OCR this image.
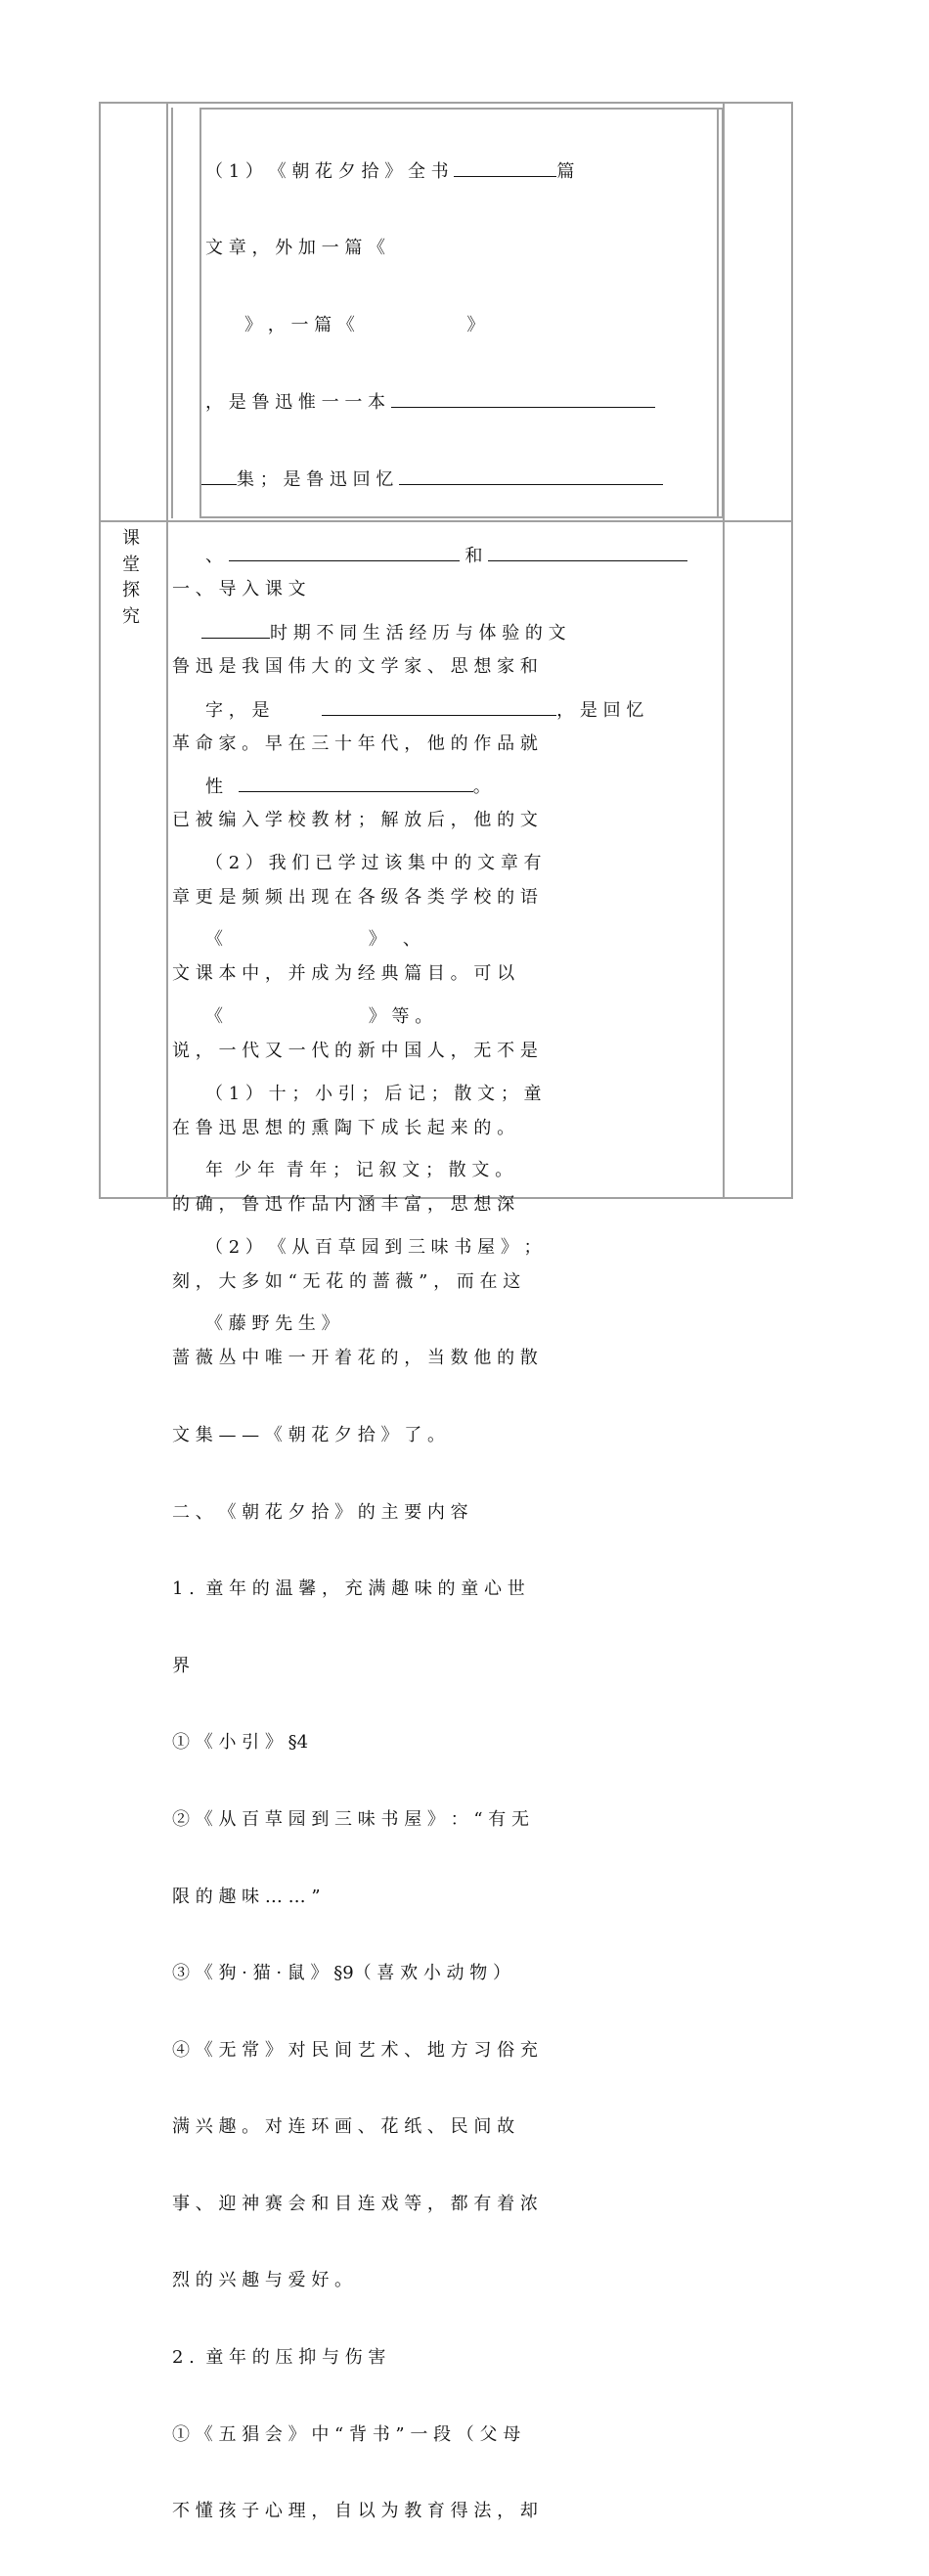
课
堂
探
究

（ 1 ） 《 朝 花 夕 拾 》 全 书	篇

文 章 ， 外 加 一 篇 《

》 ， 一 篇 《                    》

， 是 鲁 迅 惟 一 一 本

集 ； 是 鲁 迅 回 忆

、	和

时 期 不 同 生 活 经 历 与 体 验 的 文

字 ， 是	， 是 回 忆

性	。

（ 2 ） 我 们 已 学 过 该 集 中 的 文 章 有

《                          》   、

《                          》 等 。

（ 1 ） 十 ； 小 引 ； 后 记 ； 散 文 ； 童

年  少 年  青 年 ； 记 叙 文 ； 散 文 。

（ 2 ） 《 从 百 草 园 到 三 味 书 屋 》 ；

《 藤 野 先 生 》

一 、 导 入 课 文

鲁 迅 是 我 国 伟 大 的 文 学 家 、 思 想 家 和

革 命 家 。 早 在 三 十 年 代 ， 他 的 作 品 就

已 被 编 入 学 校 教 材 ； 解 放 后 ， 他 的 文

章 更 是 频 频 出 现 在 各 级 各 类 学 校 的 语

文 课 本 中 ， 并 成 为 经 典 篇 目 。 可 以

说 ， 一 代 又 一 代 的 新 中 国 人 ， 无 不 是

在 鲁 迅 思 想 的 熏 陶 下 成 长 起 来 的 。

的 确 ， 鲁 迅 作 品 内 涵 丰 富 ， 思 想 深

刻 ， 大 多 如 “ 无 花 的 蔷 薇 ” ， 而 在 这

蔷 薇 丛 中 唯 一 开 着 花 的 ， 当 数 他 的 散

文 集 — — 《 朝 花 夕 拾 》 了 。

二 、 《 朝 花 夕 拾 》 的 主 要 内 容

1 .  童 年 的 温 馨 ， 充 满 趣 味 的 童 心 世

界

① 《 小 引 》 §4

② 《 从 百 草 园 到 三 味 书 屋 》 ： “ 有 无

限 的 趣 味 … … ”

③ 《 狗 · 猫 · 鼠 》 §9（ 喜 欢 小 动 物 ）

④ 《 无 常 》 对 民 间 艺 术 、 地 方 习 俗 充

满 兴 趣 。 对 连 环 画 、 花 纸 、 民 间 故

事 、 迎 神 赛 会 和 目 连 戏 等 ， 都 有 着 浓

烈 的 兴 趣 与 爱 好 。

2 .  童 年 的 压 抑 与 伤 害

① 《 五 猖 会 》 中 “ 背 书 ” 一 段 （ 父 母

不 懂 孩 子 心 理 ， 自 以 为 教 育 得 法 ， 却
